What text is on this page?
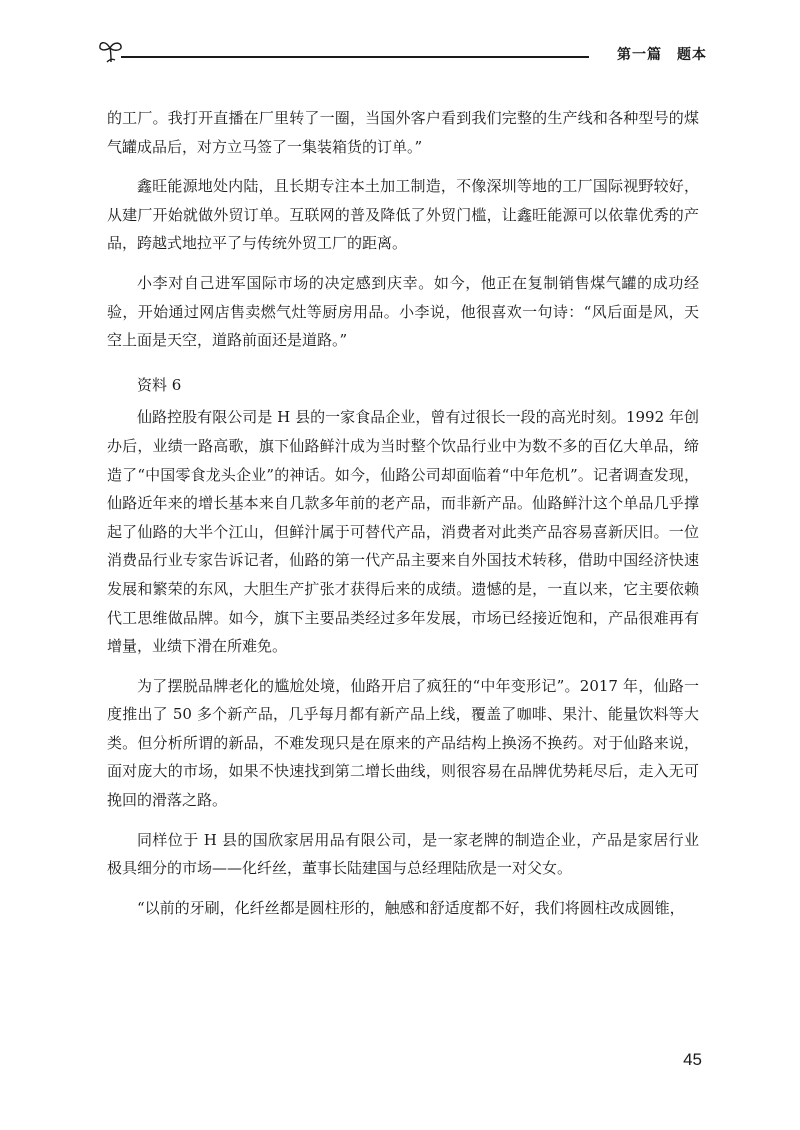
第一篇　题本

的工厂。我打开直播在厂里转了一圈，当国外客户看到我们完整的生产线和各种型号的煤气罐成品后，对方立马签了一集装箱货的订单。”

鑫旺能源地处内陆，且长期专注本土加工制造，不像深圳等地的工厂国际视野较好，从建厂开始就做外贸订单。互联网的普及降低了外贸门槛，让鑫旺能源可以依靠优秀的产品，跨越式地拉平了与传统外贸工厂的距离。

小李对自己进军国际市场的决定感到庆幸。如今，他正在复制销售煤气罐的成功经验，开始通过网店售卖燃气灶等厨房用品。小李说，他很喜欢一句诗：“风后面是风，天空上面是天空，道路前面还是道路。”

资料 6

仙路控股有限公司是 H 县的一家食品企业，曾有过很长一段的高光时刻。1992 年创办后，业绩一路高歌，旗下仙路鲜汁成为当时整个饮品行业中为数不多的百亿大单品，缔造了“中国零食龙头企业”的神话。如今，仙路公司却面临着“中年危机”。记者调查发现，仙路近年来的增长基本来自几款多年前的老产品，而非新产品。仙路鲜汁这个单品几乎撑起了仙路的大半个江山，但鲜汁属于可替代产品，消费者对此类产品容易喜新厌旧。一位消费品行业专家告诉记者，仙路的第一代产品主要来自外国技术转移，借助中国经济快速发展和繁荣的东风，大胆生产扩张才获得后来的成绩。遗憾的是，一直以来，它主要依赖代工思维做品牌。如今，旗下主要品类经过多年发展，市场已经接近饱和，产品很难再有增量，业绩下滑在所难免。

为了摆脱品牌老化的尴尬处境，仙路开启了疯狂的“中年变形记”。2017 年，仙路一度推出了 50 多个新产品，几乎每月都有新产品上线，覆盖了咖啡、果汁、能量饮料等大类。但分析所谓的新品，不难发现只是在原来的产品结构上换汤不换药。对于仙路来说，面对庞大的市场，如果不快速找到第二增长曲线，则很容易在品牌优势耗尽后，走入无可挽回的滑落之路。

同样位于 H 县的国欣家居用品有限公司，是一家老牌的制造企业，产品是家居行业极具细分的市场——化纤丝，董事长陆建国与总经理陆欣是一对父女。

“以前的牙刷，化纤丝都是圆柱形的，触感和舒适度都不好，我们将圆柱改成圆锥，

45
